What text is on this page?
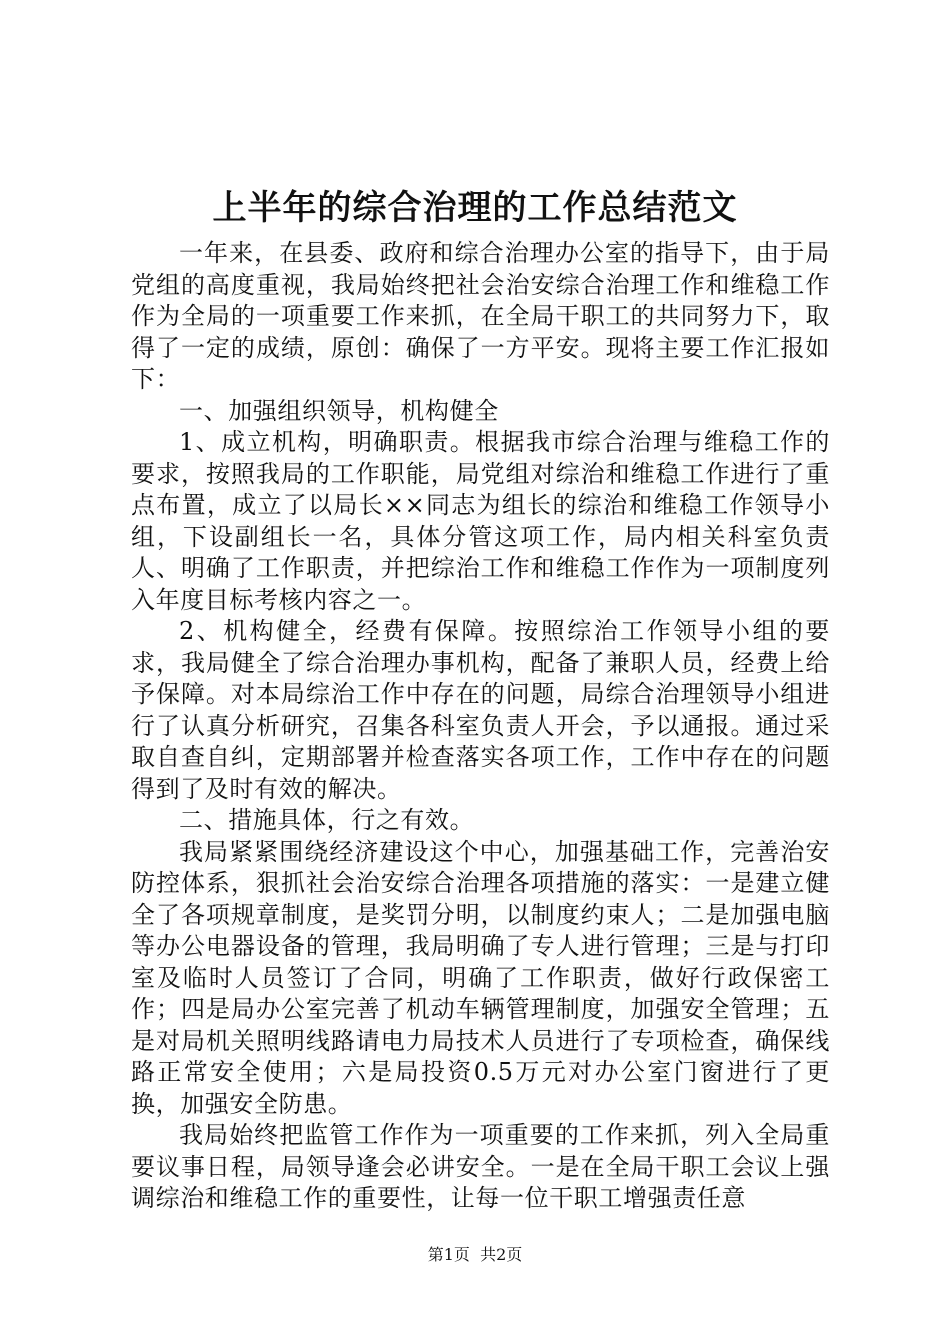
上半年的综合治理的工作总结范文

一年来，在县委、政府和综合治理办公室的指导下，由于局党组的高度重视，我局始终把社会治安综合治理工作和维稳工作作为全局的一项重要工作来抓，在全局干职工的共同努力下，取得了一定的成绩，原创：确保了一方平安。现将主要工作汇报如下：

一、加强组织领导，机构健全

1、成立机构，明确职责。根据我市综合治理与维稳工作的要求，按照我局的工作职能，局党组对综治和维稳工作进行了重点布置，成立了以局长××同志为组长的综治和维稳工作领导小组，下设副组长一名，具体分管这项工作，局内相关科室负责人、明确了工作职责，并把综治工作和维稳工作作为一项制度列入年度目标考核内容之一。

2、机构健全，经费有保障。按照综治工作领导小组的要求，我局健全了综合治理办事机构，配备了兼职人员，经费上给予保障。对本局综治工作中存在的问题，局综合治理领导小组进行了认真分析研究，召集各科室负责人开会，予以通报。通过采取自查自纠，定期部署并检查落实各项工作，工作中存在的问题得到了及时有效的解决。

二、措施具体，行之有效。

我局紧紧围绕经济建设这个中心，加强基础工作，完善治安防控体系，狠抓社会治安综合治理各项措施的落实：一是建立健全了各项规章制度，是奖罚分明，以制度约束人；二是加强电脑等办公电器设备的管理，我局明确了专人进行管理；三是与打印室及临时人员签订了合同，明确了工作职责，做好行政保密工作；四是局办公室完善了机动车辆管理制度，加强安全管理；五是对局机关照明线路请电力局技术人员进行了专项检查，确保线路正常安全使用；六是局投资0.5万元对办公室门窗进行了更换，加强安全防患。

我局始终把监管工作作为一项重要的工作来抓，列入全局重要议事日程，局领导逢会必讲安全。一是在全局干职工会议上强调综治和维稳工作的重要性，让每一位干职工增强责任意

第1页  共2页
